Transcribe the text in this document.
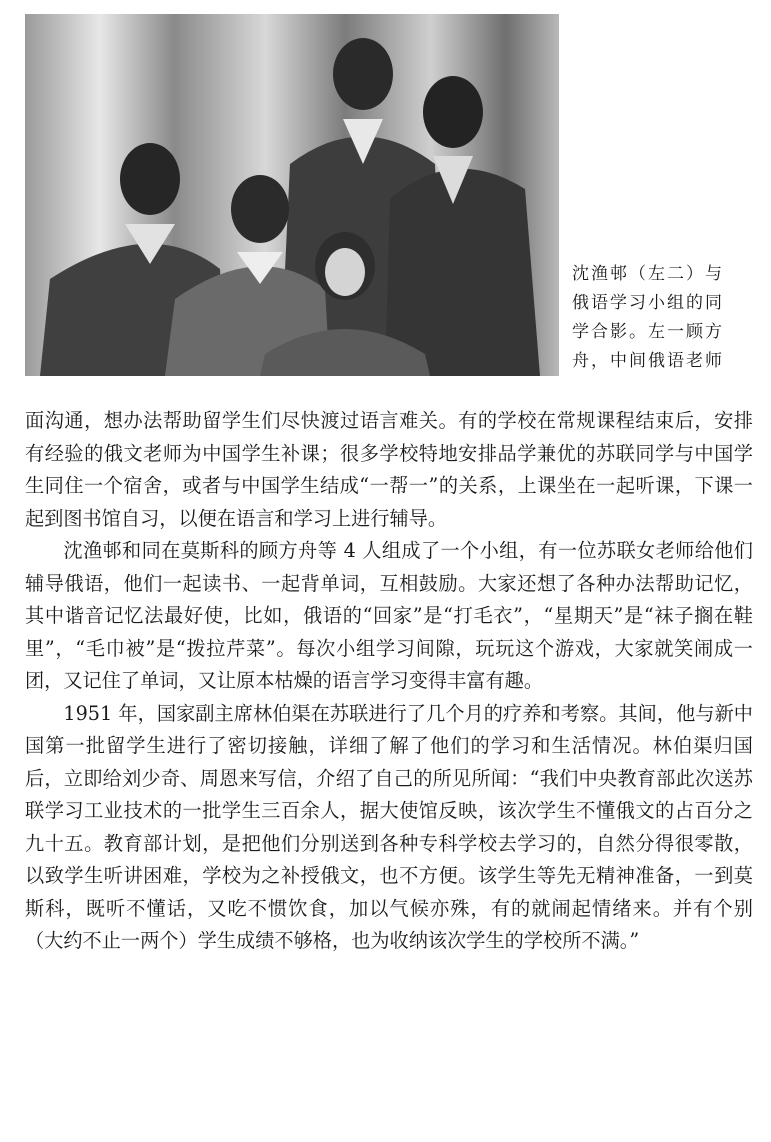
沈渔邨（左二）与
俄语学习小组的同
学合影。左一顾方
舟，中间俄语老师

面沟通，想办法帮助留学生们尽快渡过语言难关。有的学校在常规课程结束后，安排有经验的俄文老师为中国学生补课；很多学校特地安排品学兼优的苏联同学与中国学生同住一个宿舍，或者与中国学生结成“一帮一”的关系，上课坐在一起听课，下课一起到图书馆自习，以便在语言和学习上进行辅导。

沈渔邨和同在莫斯科的顾方舟等 4 人组成了一个小组，有一位苏联女老师给他们辅导俄语，他们一起读书、一起背单词，互相鼓励。大家还想了各种办法帮助记忆，其中谐音记忆法最好使，比如，俄语的“回家”是“打毛衣”，“星期天”是“袜子搁在鞋里”，“毛巾被”是“拨拉芹菜”。每次小组学习间隙，玩玩这个游戏，大家就笑闹成一团，又记住了单词，又让原本枯燥的语言学习变得丰富有趣。

1951 年，国家副主席林伯渠在苏联进行了几个月的疗养和考察。其间，他与新中国第一批留学生进行了密切接触，详细了解了他们的学习和生活情况。林伯渠归国后，立即给刘少奇、周恩来写信，介绍了自己的所见所闻：“我们中央教育部此次送苏联学习工业技术的一批学生三百余人，据大使馆反映，该次学生不懂俄文的占百分之九十五。教育部计划，是把他们分别送到各种专科学校去学习的，自然分得很零散，以致学生听讲困难，学校为之补授俄文，也不方便。该学生等先无精神准备，一到莫斯科，既听不懂话，又吃不惯饮食，加以气候亦殊，有的就闹起情绪来。并有个别（大约不止一两个）学生成绩不够格，也为收纳该次学生的学校所不满。”
